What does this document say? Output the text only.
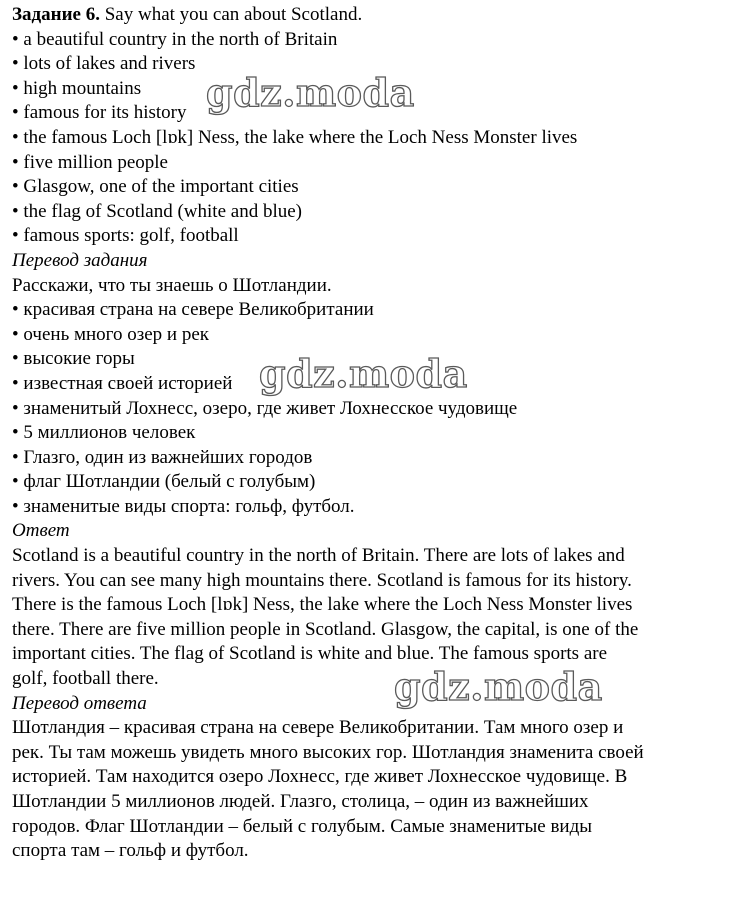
Задание 6. Say what you can about Scotland.
• a beautiful country in the north of Britain
• lots of lakes and rivers
• high mountains
• famous for its history
• the famous Loch [lɒk] Ness, the lake where the Loch Ness Monster lives
• five million people
• Glasgow, one of the important cities
• the flag of Scotland (white and blue)
• famous sports: golf, football
Перевод задания
Расскажи, что ты знаешь о Шотландии.
• красивая страна на севере Великобритании
• очень много озер и рек
• высокие горы
• известная своей историей
• знаменитый Лохнесс, озеро, где живет Лохнесское чудовище
• 5 миллионов человек
• Глазго, один из важнейших городов
• флаг Шотландии (белый с голубым)
• знаменитые виды спорта: гольф, футбол.
Ответ
Scotland is a beautiful country in the north of Britain. There are lots of lakes and
rivers. You can see many high mountains there. Scotland is famous for its history.
There is the famous Loch [lɒk] Ness, the lake where the Loch Ness Monster lives
there. There are five million people in Scotland. Glasgow, the capital, is one of the
important cities. The flag of Scotland is white and blue. The famous sports are
golf, football there.
Перевод ответа
Шотландия – красивая страна на севере Великобритании. Там много озер и
рек. Ты там можешь увидеть много высоких гор. Шотландия знаменита своей
историей. Там находится озеро Лохнесс, где живет Лохнесское чудовище. В
Шотландии 5 миллионов людей. Глазго, столица, – один из важнейших
городов. Флаг Шотландии – белый с голубым. Самые знаменитые виды
спорта там – гольф и футбол.
gdz.moda
gdz.moda
gdz.moda
